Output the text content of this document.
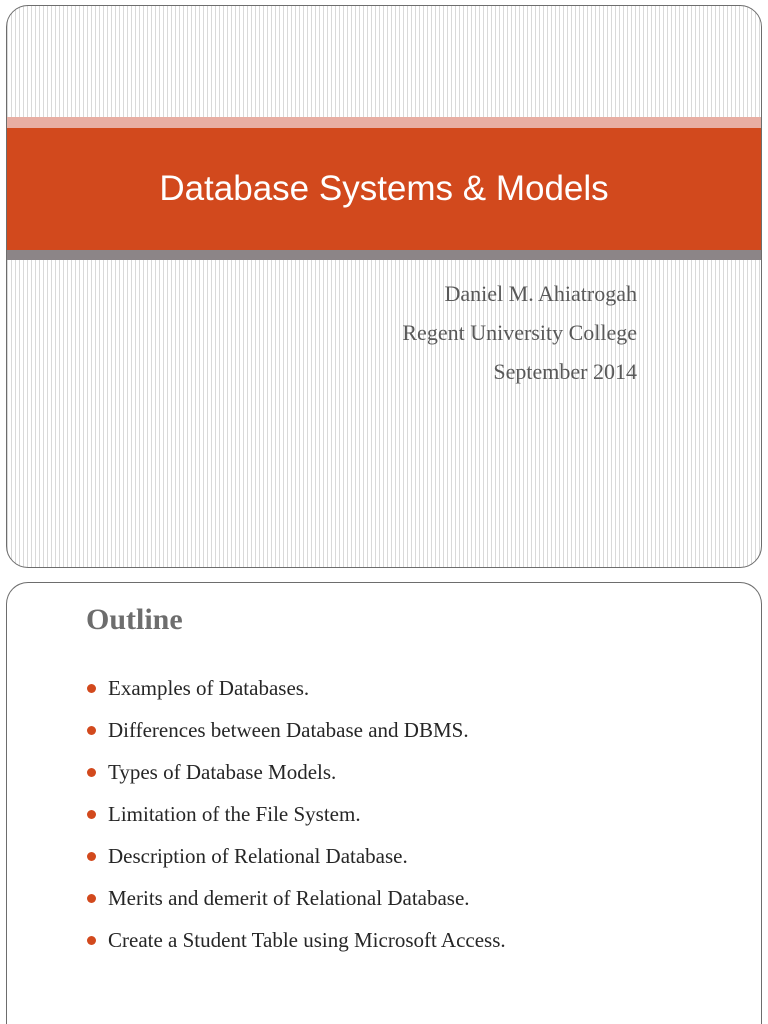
Database Systems & Models
Daniel M. Ahiatrogah
Regent University College
September 2014
Outline
Examples of Databases.
Differences between Database and DBMS.
Types of Database Models.
Limitation of the File System.
Description of Relational Database.
Merits and demerit of Relational Database.
Create a Student Table using Microsoft Access.
